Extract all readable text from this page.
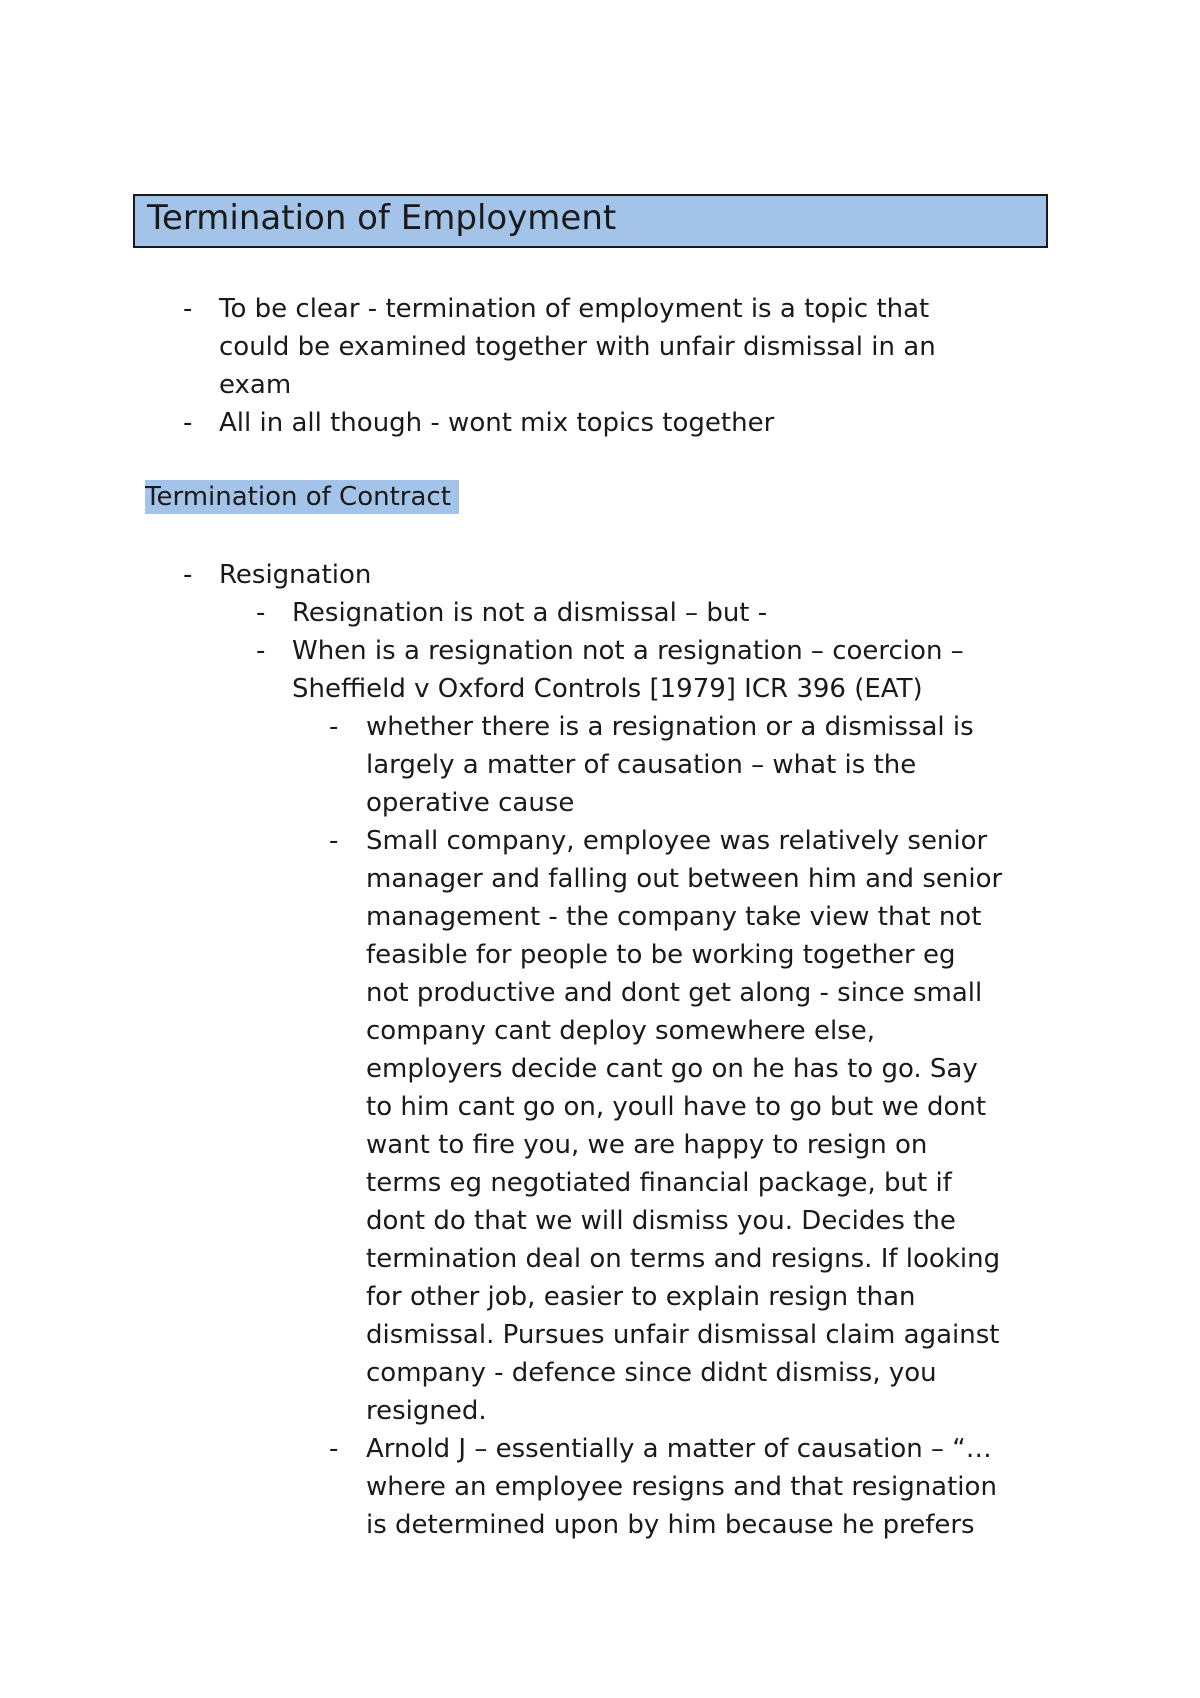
Termination of Employment
- To be clear - termination of employment is a topic that
could be examined together with unfair dismissal in an
exam
- All in all though - wont mix topics together
Termination of Contract
- Resignation
- Resignation is not a dismissal – but -
- When is a resignation not a resignation – coercion –
Sheffield v Oxford Controls [1979] ICR 396 (EAT)
- whether there is a resignation or a dismissal is
largely a matter of causation – what is the
operative cause
- Small company, employee was relatively senior
manager and falling out between him and senior
management - the company take view that not
feasible for people to be working together eg
not productive and dont get along - since small
company cant deploy somewhere else,
employers decide cant go on he has to go. Say
to him cant go on, youll have to go but we dont
want to fire you, we are happy to resign on
terms eg negotiated financial package, but if
dont do that we will dismiss you. Decides the
termination deal on terms and resigns. If looking
for other job, easier to explain resign than
dismissal. Pursues unfair dismissal claim against
company - defence since didnt dismiss, you
resigned.
- Arnold J – essentially a matter of causation – “…
where an employee resigns and that resignation
is determined upon by him because he prefers
